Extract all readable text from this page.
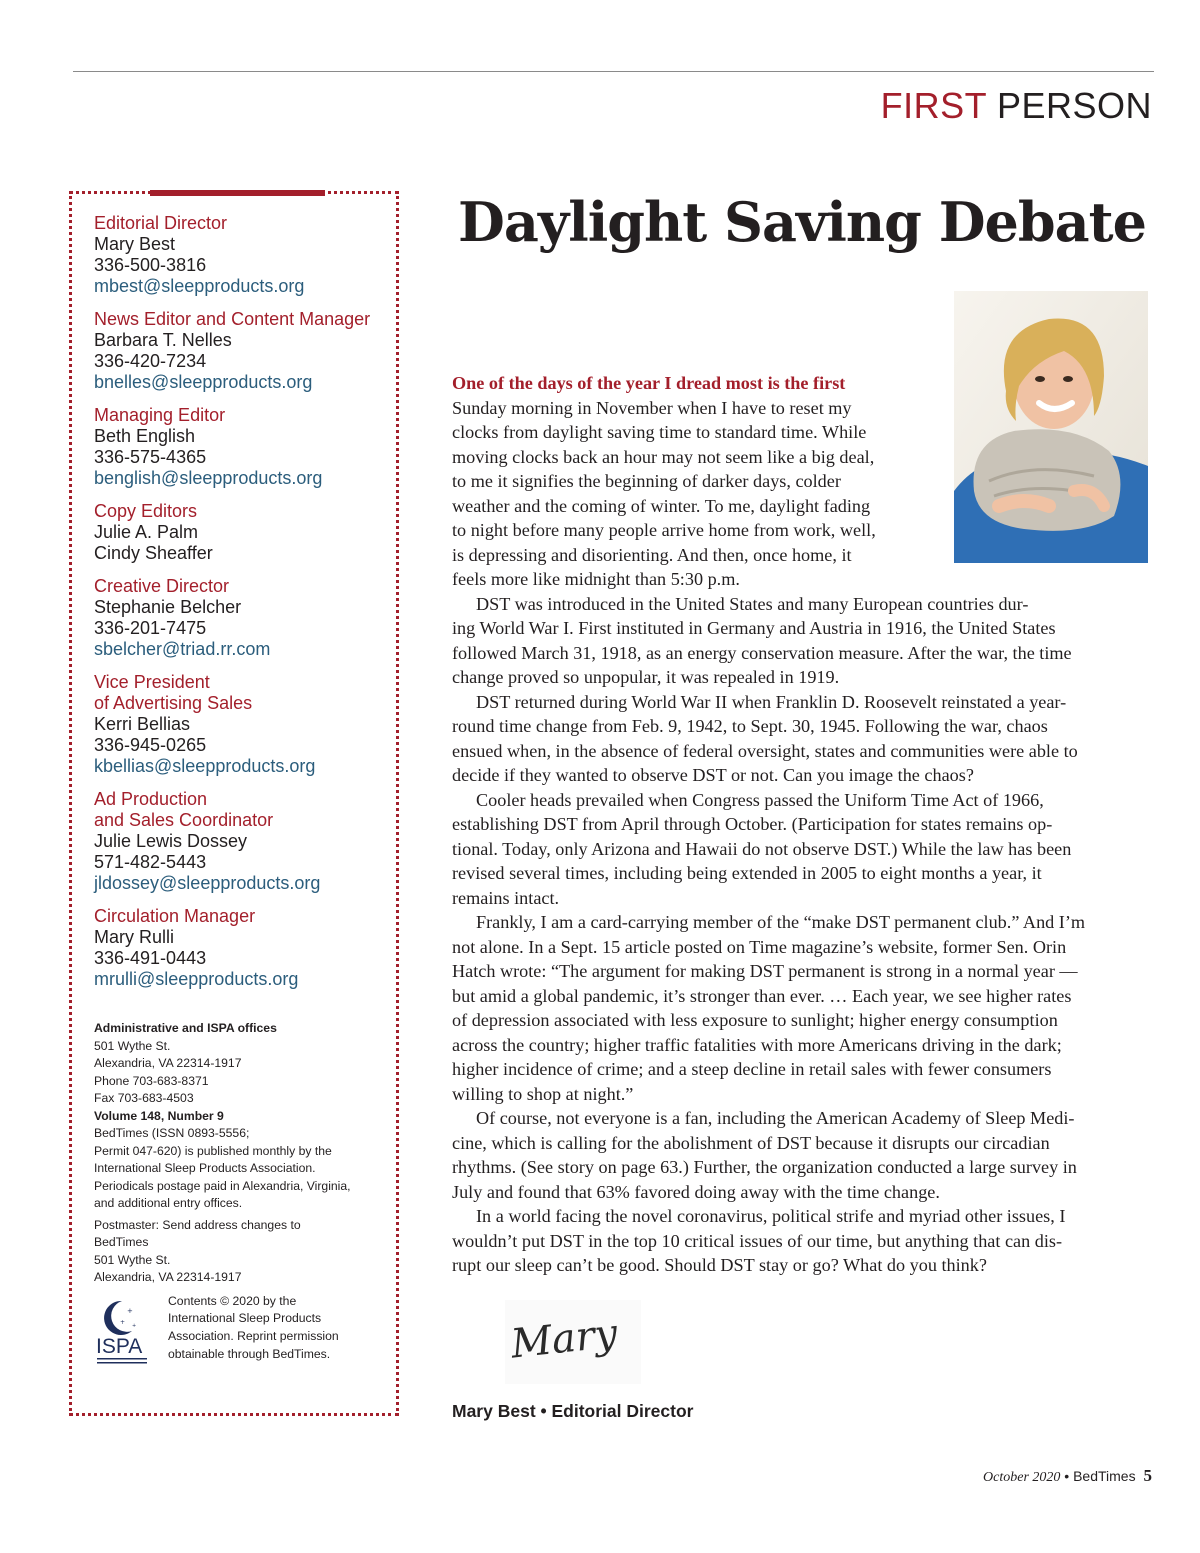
FIRST PERSON
Editorial Director
Mary Best
336-500-3816
mbest@sleepproducts.org
News Editor and Content Manager
Barbara T. Nelles
336-420-7234
bnelles@sleepproducts.org
Managing Editor
Beth English
336-575-4365
benglish@sleepproducts.org
Copy Editors
Julie A. Palm
Cindy Sheaffer
Creative Director
Stephanie Belcher
336-201-7475
sbelcher@triad.rr.com
Vice President
of Advertising Sales
Kerri Bellias
336-945-0265
kbellias@sleepproducts.org
Ad Production
and Sales Coordinator
Julie Lewis Dossey
571-482-5443
jldossey@sleepproducts.org
Circulation Manager
Mary Rulli
336-491-0443
mrulli@sleepproducts.org
Administrative and ISPA offices
501 Wythe St.
Alexandria, VA 22314-1917
Phone 703-683-8371
Fax 703-683-4503
Volume 148, Number 9
BedTimes (ISSN 0893-5556;
Permit 047-620) is published monthly by the
International Sleep Products Association.
Periodicals postage paid in Alexandria, Virginia,
and additional entry offices.
Postmaster: Send address changes to
BedTimes
501 Wythe St.
Alexandria, VA 22314-1917
+
+ +
ISPA
Contents © 2020 by the
International Sleep Products
Association. Reprint permission
obtainable through BedTimes.
Daylight Saving Debate
One of the days of the year I dread most is the first
Sunday morning in November when I have to reset my
clocks from daylight saving time to standard time. While
moving clocks back an hour may not seem like a big deal,
to me it signifies the beginning of darker days, colder
weather and the coming of winter. To me, daylight fading
to night before many people arrive home from work, well,
is depressing and disorienting. And then, once home, it
feels more like midnight than 5:30 p.m.
DST was introduced in the United States and many European countries dur-
ing World War I. First instituted in Germany and Austria in 1916, the United States
followed March 31, 1918, as an energy conservation measure. After the war, the time
change proved so unpopular, it was repealed in 1919.
DST returned during World War II when Franklin D. Roosevelt reinstated a year-
round time change from Feb. 9, 1942, to Sept. 30, 1945. Following the war, chaos
ensued when, in the absence of federal oversight, states and communities were able to
decide if they wanted to observe DST or not. Can you image the chaos?
Cooler heads prevailed when Congress passed the Uniform Time Act of 1966,
establishing DST from April through October. (Participation for states remains op-
tional. Today, only Arizona and Hawaii do not observe DST.) While the law has been
revised several times, including being extended in 2005 to eight months a year, it
remains intact.
Frankly, I am a card-carrying member of the “make DST permanent club.” And I’m
not alone. In a Sept. 15 article posted on Time magazine’s website, former Sen. Orin
Hatch wrote: “The argument for making DST permanent is strong in a normal year —
but amid a global pandemic, it’s stronger than ever. … Each year, we see higher rates
of depression associated with less exposure to sunlight; higher energy consumption
across the country; higher traffic fatalities with more Americans driving in the dark;
higher incidence of crime; and a steep decline in retail sales with fewer consumers
willing to shop at night.”
Of course, not everyone is a fan, including the American Academy of Sleep Medi-
cine, which is calling for the abolishment of DST because it disrupts our circadian
rhythms. (See story on page 63.) Further, the organization conducted a large survey in
July and found that 63% favored doing away with the time change.
In a world facing the novel coronavirus, political strife and myriad other issues, I
wouldn’t put DST in the top 10 critical issues of our time, but anything that can dis-
rupt our sleep can’t be good. Should DST stay or go? What do you think?
Mary
Mary Best • Editorial Director
October 2020 • BedTimes 5
